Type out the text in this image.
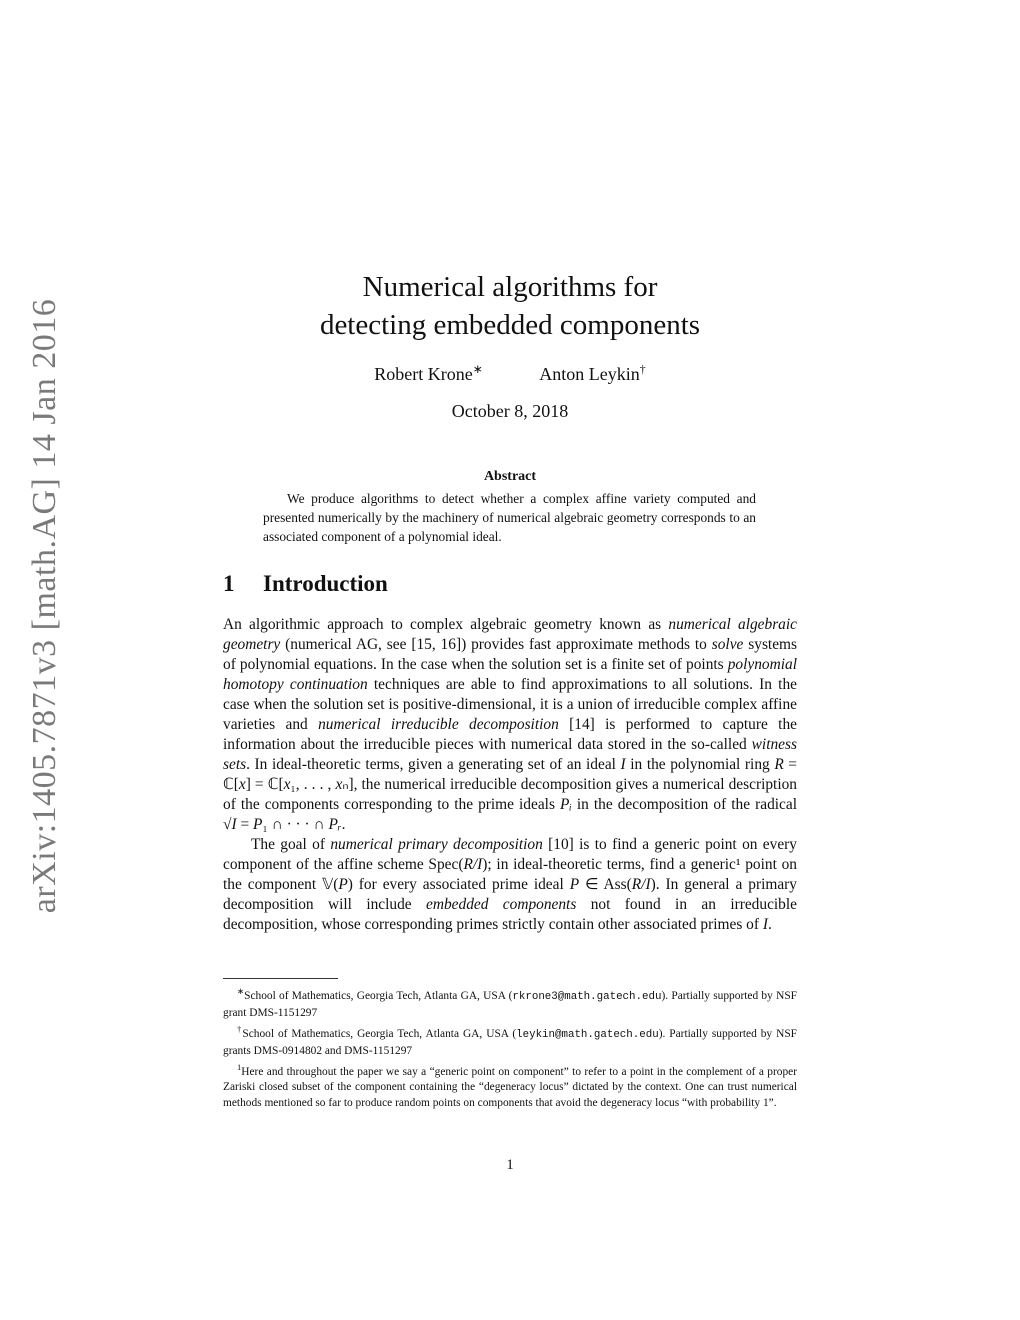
arXiv:1405.7871v3 [math.AG] 14 Jan 2016
Numerical algorithms for
detecting embedded components
Robert Krone∗	Anton Leykin†
October 8, 2018
Abstract
We produce algorithms to detect whether a complex affine variety computed and presented numerically by the machinery of numerical algebraic geometry corresponds to an associated component of a polynomial ideal.
1 Introduction

An algorithmic approach to complex algebraic geometry known as numerical algebraic geometry (numerical AG, see [15, 16]) provides fast approximate methods to solve systems of polynomial equations. In the case when the solution set is a finite set of points polynomial homotopy continuation techniques are able to find approximations to all solutions. In the case when the solution set is positive-dimensional, it is a union of irreducible complex affine varieties and numerical irreducible decomposition [14] is performed to capture the information about the irreducible pieces with numerical data stored in the so-called witness sets. In ideal-theoretic terms, given a generating set of an ideal I in the polynomial ring R = ℂ[x] = ℂ[x₁, . . . , xₙ], the numerical irreducible decomposition gives a numerical description of the components corresponding to the prime ideals Pᵢ in the decomposition of the radical √I = P₁ ∩ · · · ∩ Pᵣ.

The goal of numerical primary decomposition [10] is to find a generic point on every component of the affine scheme Spec(R/I); in ideal-theoretic terms, find a generic¹ point on the component 𝕍(P) for every associated prime ideal P ∈ Ass(R/I). In general a primary decomposition will include embedded components not found in an irreducible decomposition, whose corresponding primes strictly contain other associated primes of I.

∗School of Mathematics, Georgia Tech, Atlanta GA, USA (rkrone3@math.gatech.edu). Partially supported by NSF grant DMS-1151297

†School of Mathematics, Georgia Tech, Atlanta GA, USA (leykin@math.gatech.edu). Partially supported by NSF grants DMS-0914802 and DMS-1151297

$^1$Here and throughout the paper we say a “generic point on component” to refer to a point in the complement of a proper Zariski closed subset of the component containing the “degeneracy locus” dictated by the context. One can trust numerical methods mentioned so far to produce random points on components that avoid the degeneracy locus “with probability 1”.

1
